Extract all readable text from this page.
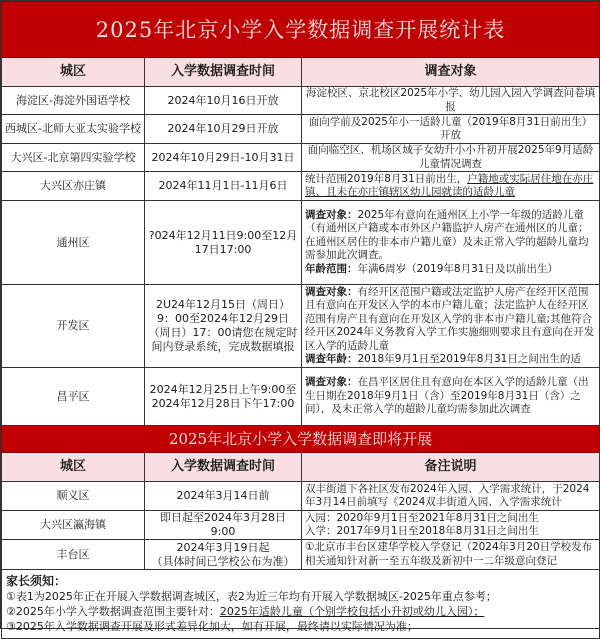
2025年北京小学入学数据调查开展统计表		
城区	入学数据调查时间	调查对象
海淀区-海淀外国语学校	2024年10月16日开放	海淀校区、京北校区2025年小学、幼儿园入园入学调查问卷填报
西城区-北师大亚太实验学校	2024年10月29日开放	面向学前及2025年小一适龄儿童（2019年8月31日前出生）开放
大兴区-北京第四实验学校	2024年10月29日-10月31日	面向临空区、机场区域子女幼升小小升初开展2025年9月适龄儿童情况调查
大兴区亦庄镇	2024年11月1日-11月6日	统计范围2019年8月31日前出生，户籍地或实际居住地在亦庄镇、且未在亦庄镇辖区幼儿园就读的适龄儿童
通州区	?024年12月11日9:00至12月17日17:00	调查对象：2025年有意向在通州区上小学一年级的适龄儿童（有通州区户籍或本市外区户籍监护人房产在通州区的儿童；在通州区居住的非本市户籍儿童）及未正常入学的超龄儿童均需参加此次调查。
年龄范围：年满6周岁（2019年8月31日及以前出生）
开发区	2U24年12月15日（周日）9：00至2024年12月29日（周日）17：00请您在规定时间内登录系统，完成数据填报	调查对象：有经开区范围户籍或法定监护人房产在经开区范围且有意向在开发区入学的本市户籍儿童；法定监护人在经开区范围有房产且有意向在开发区入学的非本市户籍儿童;其他符合经开区2024年义务教育入学工作实施细则要求且有意向在开发区入学的适龄儿童
调查年龄：2018年9月1日至2019年8月31日之间出生的适

昌平区	2024年12月25日上午9:00至2024年12月28日下午17:00	调查对象：在昌平区居住且有意向在本区入学的适龄儿童（出生日期在2018年9月1日（含）至2019年8月31日（含）之间），及未正常入学的超龄儿童均需参加此次调查
2025年北京小学入学数据调查即将开展		
城区	入学数据调查时间	备注说明
顺义区	2024年3月14日前	双丰街道下各社区发布2024年入园、入学需求统计，于2024年3月14日前填写《2024双丰街道入园、入学需求统计
大兴区瀛海镇	即日起至2024年3月28日9:00	入园：2020年9月1日至2021年8月31日之间出生
入学：2017年9月1日至2018年8月31日之间出生

丰台区	2024年3月19日起
（具体时间已学校公布为准）	①北京市丰台区建华学校入学登记（2024年3月20日学校发布相关通知针对新一至五年级及新初中一二年级意向登记

家长须知：
①表1为2025年正在开展入学数据调查城区，表2为近三年均有开展入学数据城区-2025年重点参考；
②2025年小学入学数据调查范围主要针对：2025年适龄儿童（个别学校包括小升初或幼儿入园）；
③2025年入学数据调查开展及形式差异化加大，如有开展，最终请以实际情况为准；		
